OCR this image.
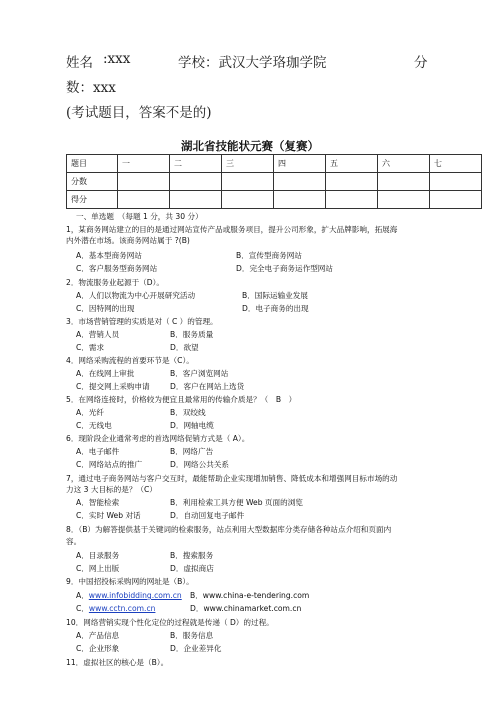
姓名 :xxx	学校：武汉大学珞珈学院	分
数：xxx
(考试题目，答案不是的)
湖北省技能状元赛（复赛）
题目	一	二	三	四	五	六	七
分数							
得分							
一、单选题　（每题 1 分，共 30 分）
1，某商务网站建立的目的是通过网站宣传产品或服务项目，提升公司形象，扩大品牌影响，拓展海
内外潜在市场。该商务网站属于 ?(B)
A．基本型商务网站	B．宣传型商务网站
C．客户服务型商务网站	D．完全电子商务运作型网站
2．物流服务业起源于（D）。
A．人们以物流为中心开展研究活动	B．国际运输业发展
C．因特网的出现	D．电子商务的出现
3．市场营销管理的实质是对（ C ）的管理。
A．营销人员	B．服务质量
C．需求	D．欲望
4．网络采购流程的首要环节是（C）。
A．在线网上审批	B．客户浏览网站
C．提交网上采购申请	D．客户在网站上选货
5．在网络连接时，价格较为便宜且最常用的传输介质是？（　B　）
A．光纤	B．双绞线
C．无线电	D．网轴电缆
6．现阶段企业通常考虑的首选网络促销方式是（ A）。
A．电子邮件	B．网络广告
C．网络站点的推广	D．网络公共关系
7，通过电子商务网站与客户交互时，最能帮助企业实现增加销售、降低成本和增强网目标市场的动
力这 3 大目标的是？（C）
A．智能检索	B．利用检索工具方便 Web 页面的浏览
C．实时 Web 对话	D．自动回复电子邮件
8．（B）为解答提供基于关键词的检索服务，站点利用大型数据库分类存储各种站点介绍和页面内
容。
A．目录服务	B．搜索服务
C．网上出版	D．虚拟商店
9．中国招投标采购网的网址是（B）。
A．www.infobidding.com.cn B．www.china-e-tendering.com
C．www.cctn.com.cn	D．www.chinamarket.com.cn
10．网络营销实现个性化定位的过程就是传递（ D）的过程。
A．产品信息	B．服务信息
C．企业形象	D．企业差异化
11．虚拟社区的核心是（B）。
